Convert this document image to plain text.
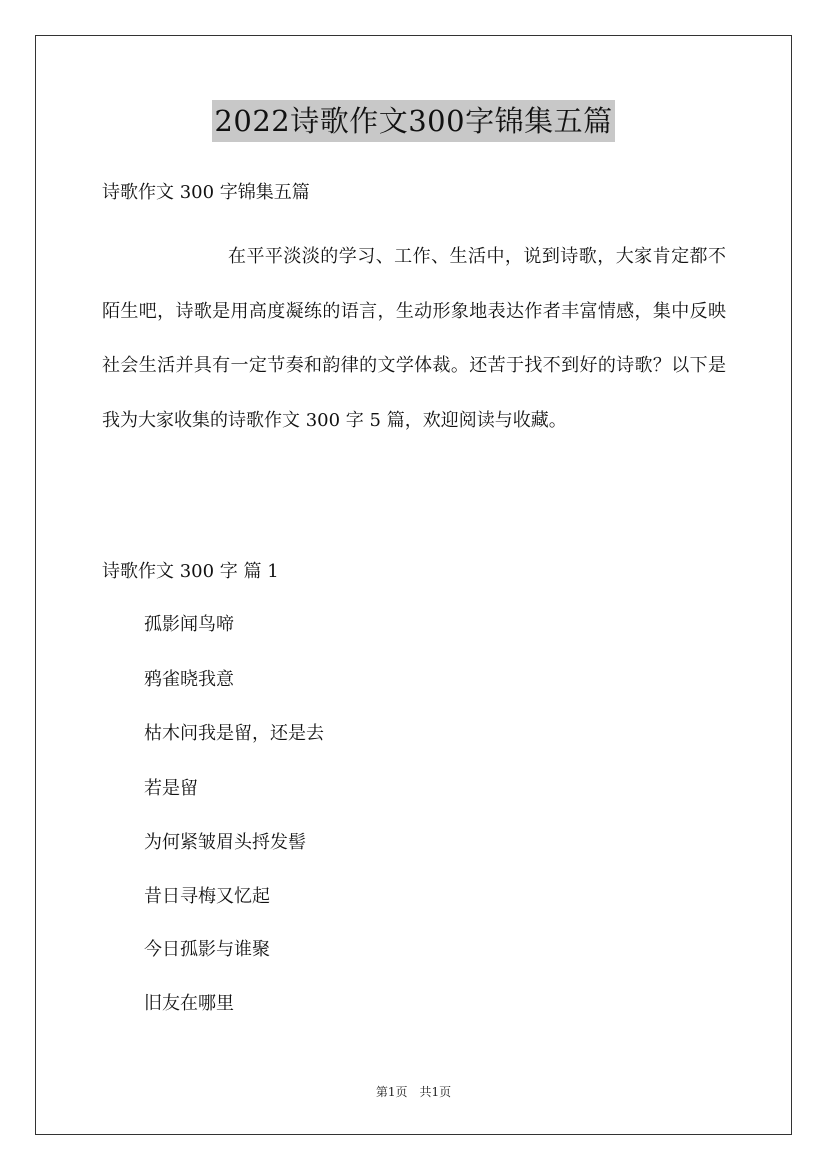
2022诗歌作文300字锦集五篇
诗歌作文 300 字锦集五篇

在平平淡淡的学习、工作、生活中，说到诗歌，大家肯定都不陌生吧，诗歌是用高度凝练的语言，生动形象地表达作者丰富情感，集中反映社会生活并具有一定节奏和韵律的文学体裁。还苦于找不到好的诗歌？以下是我为大家收集的诗歌作文 300 字 5 篇，欢迎阅读与收藏。

诗歌作文 300 字 篇 1
孤影闻鸟啼
鸦雀晓我意
枯木问我是留，还是去
若是留
为何紧皱眉头捋发髻
昔日寻梅又忆起
今日孤影与谁聚
旧友在哪里
第1页　共1页
